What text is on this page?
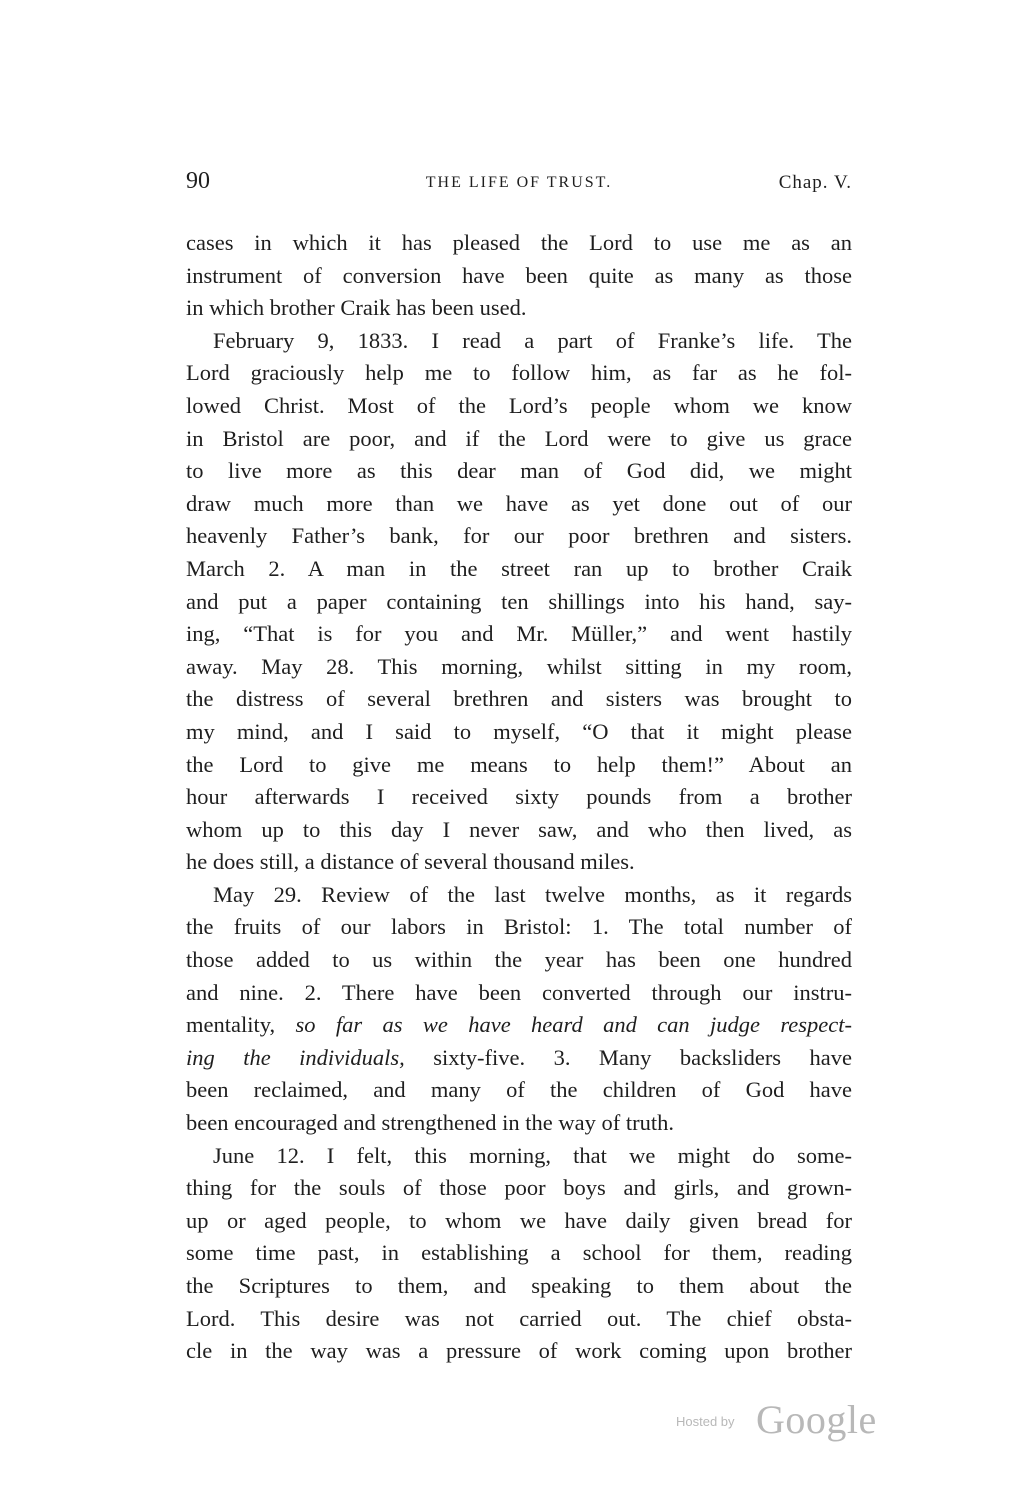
90	THE LIFE OF TRUST.	Chap. V.
cases in which it has pleased the Lord to use me as an
instrument of conversion have been quite as many as those
in which brother Craik has been used.
February 9, 1833. I read a part of Franke’s life. The
Lord graciously help me to follow him, as far as he fol-
lowed Christ. Most of the Lord’s people whom we know
in Bristol are poor, and if the Lord were to give us grace
to live more as this dear man of God did, we might
draw much more than we have as yet done out of our
heavenly Father’s bank, for our poor brethren and sisters.
March 2. A man in the street ran up to brother Craik
and put a paper containing ten shillings into his hand, say-
ing, “That is for you and Mr. Müller,” and went hastily
away. May 28. This morning, whilst sitting in my room,
the distress of several brethren and sisters was brought to
my mind, and I said to myself, “O that it might please
the Lord to give me means to help them!” About an
hour afterwards I received sixty pounds from a brother
whom up to this day I never saw, and who then lived, as
he does still, a distance of several thousand miles.
May 29. Review of the last twelve months, as it regards
the fruits of our labors in Bristol: 1. The total number of
those added to us within the year has been one hundred
and nine. 2. There have been converted through our instru-
mentality, so far as we have heard and can judge respect-
ing the individuals, sixty-five. 3. Many backsliders have
been reclaimed, and many of the children of God have
been encouraged and strengthened in the way of truth.
June 12. I felt, this morning, that we might do some-
thing for the souls of those poor boys and girls, and grown-
up or aged people, to whom we have daily given bread for
some time past, in establishing a school for them, reading
the Scriptures to them, and speaking to them about the
Lord. This desire was not carried out. The chief obsta-
cle in the way was a pressure of work coming upon brother
Hosted by Google
